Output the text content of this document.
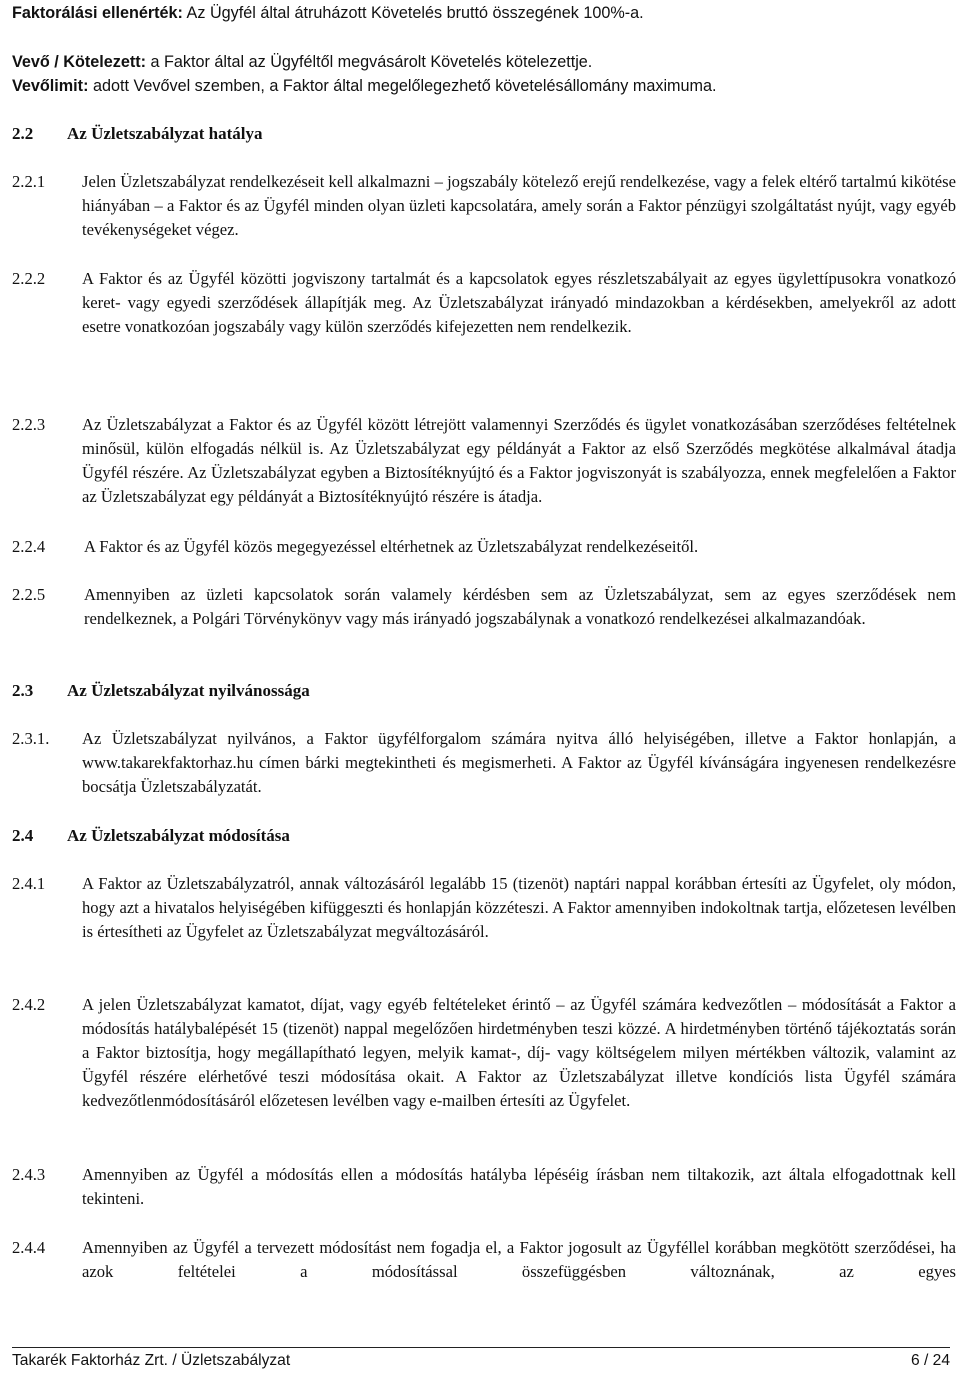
Faktorálási ellenérték: Az Ügyfél által átruházott Követelés bruttó összegének 100%-a.
Vevő / Kötelezett: a Faktor által az Ügyféltől megvásárolt Követelés kötelezettje.
Vevőlimit: adott Vevővel szemben, a Faktor által megelőlegezhető követelésállomány maximuma.
2.2 Az Üzletszabályzat hatálya
2.2.1 Jelen Üzletszabályzat rendelkezéseit kell alkalmazni – jogszabály kötelező erejű rendelkezése, vagy a felek eltérő tartalmú kikötése hiányában – a Faktor és az Ügyfél minden olyan üzleti kapcsolatára, amely során a Faktor pénzügyi szolgáltatást nyújt, vagy egyéb tevékenységeket végez.
2.2.2 A Faktor és az Ügyfél közötti jogviszony tartalmát és a kapcsolatok egyes részletszabályait az egyes ügylettípusokra vonatkozó keret- vagy egyedi szerződések állapítják meg. Az Üzletszabályzat irányadó mindazokban a kérdésekben, amelyekről az adott esetre vonatkozóan jogszabály vagy külön szerződés kifejezetten nem rendelkezik.
2.2.3 Az Üzletszabályzat a Faktor és az Ügyfél között létrejött valamennyi Szerződés és ügylet vonatkozásában szerződéses feltételnek minősül, külön elfogadás nélkül is. Az Üzletszabályzat egy példányát a Faktor az első Szerződés megkötése alkalmával átadja Ügyfél részére. Az Üzletszabályzat egyben a Biztosítéknyújtó és a Faktor jogviszonyát is szabályozza, ennek megfelelően a Faktor az Üzletszabályzat egy példányát a Biztosítéknyújtó részére is átadja.
2.2.4 A Faktor és az Ügyfél közös megegyezéssel eltérhetnek az Üzletszabályzat rendelkezéseitől.
2.2.5 Amennyiben az üzleti kapcsolatok során valamely kérdésben sem az Üzletszabályzat, sem az egyes szerződések nem rendelkeznek, a Polgári Törvénykönyv vagy más irányadó jogszabálynak a vonatkozó rendelkezései alkalmazandóak.
2.3 Az Üzletszabályzat nyilvánossága
2.3.1. Az Üzletszabályzat nyilvános, a Faktor ügyfélforgalom számára nyitva álló helyiségében, illetve a Faktor honlapján, a www.takarekfaktorhaz.hu címen bárki megtekintheti és megismerheti. A Faktor az Ügyfél kívánságára ingyenesen rendelkezésre bocsátja Üzletszabályzatát.
2.4 Az Üzletszabályzat módosítása
2.4.1 A Faktor az Üzletszabályzatról, annak változásáról legalább 15 (tizenöt) naptári nappal korábban értesíti az Ügyfelet, oly módon, hogy azt a hivatalos helyiségében kifüggeszti és honlapján közzéteszi. A Faktor amennyiben indokoltnak tartja, előzetesen levélben is értesítheti az Ügyfelet az Üzletszabályzat megváltozásáról.
2.4.2 A jelen Üzletszabályzat kamatot, díjat, vagy egyéb feltételeket érintő – az Ügyfél számára kedvezőtlen – módosítását a Faktor a módosítás hatálybalépését 15 (tizenöt) nappal megelőzően hirdetményben teszi közzé. A hirdetményben történő tájékoztatás során a Faktor biztosítja, hogy megállapítható legyen, melyik kamat-, díj- vagy költségelem milyen mértékben változik, valamint az Ügyfél részére elérhetővé teszi módosítása okait. A Faktor az Üzletszabályzat illetve kondíciós lista Ügyfél számára kedvezőtlenmódosításáról előzetesen levélben vagy e-mailben értesíti az Ügyfelet.
2.4.3 Amennyiben az Ügyfél a módosítás ellen a módosítás hatályba lépéséig írásban nem tiltakozik, azt általa elfogadottnak kell tekinteni.
2.4.4 Amennyiben az Ügyfél a tervezett módosítást nem fogadja el, a Faktor jogosult az Ügyféllel korábban megkötött szerződései, ha azok feltételei a módosítással összefüggésben változnának, az egyes
Takarék Faktorház Zrt. / Üzletszabályzat	6 / 24
